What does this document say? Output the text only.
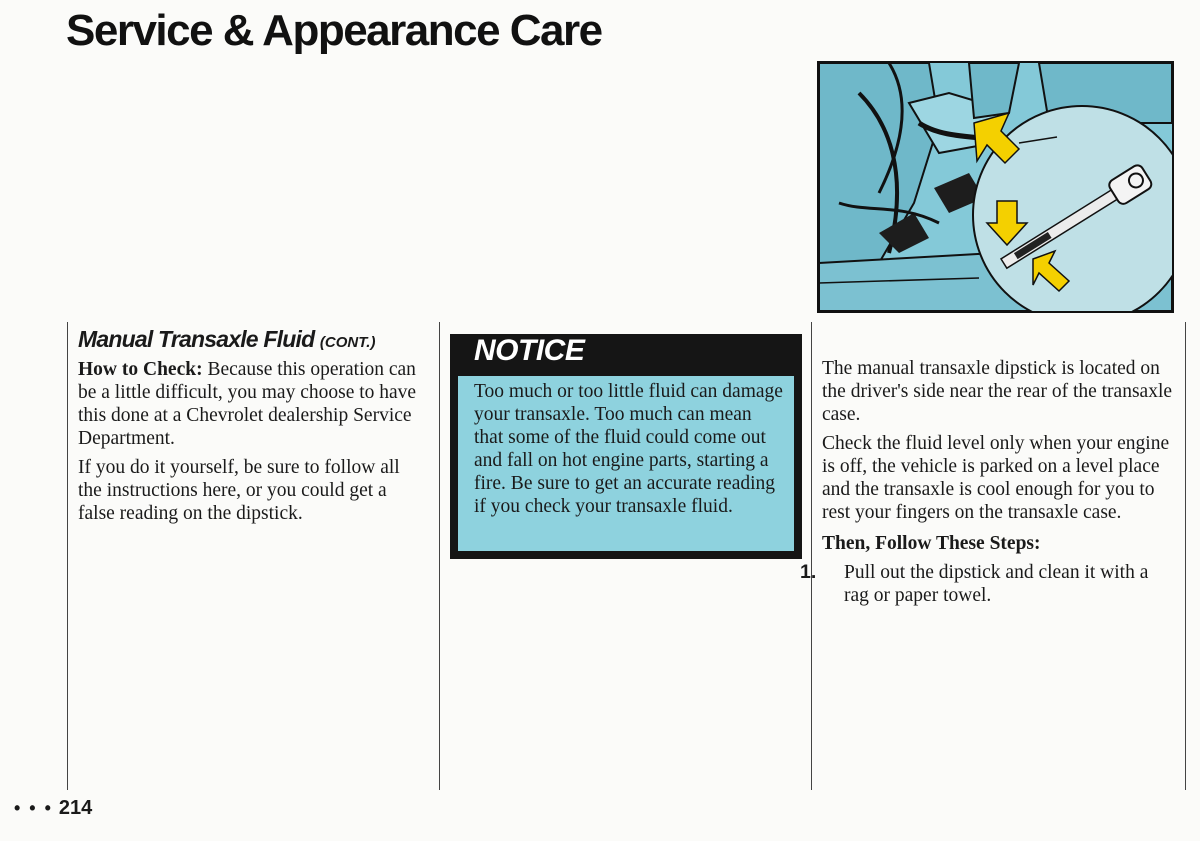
Service & Appearance Care
Manual Transaxle Fluid (CONT.)

How to Check: Because this operation can be a little difficult, you may choose to have this done at a Chevrolet dealership Service Department.

If you do it yourself, be sure to follow all the instructions here, or you could get a false reading on the dipstick.

NOTICE
Too much or too little fluid can damage your transaxle. Too much can mean that some of the fluid could come out and fall on hot engine parts, starting a fire. Be sure to get an accurate reading if you check your transaxle fluid.

The manual transaxle dipstick is located on the driver's side near the rear of the transaxle case.

Check the fluid level only when your engine is off, the vehicle is parked on a level place and the transaxle is cool enough for you to rest your fingers on the transaxle case.

Then, Follow These Steps:

1. Pull out the dipstick and clean it with a rag or paper towel.

• • • 214
